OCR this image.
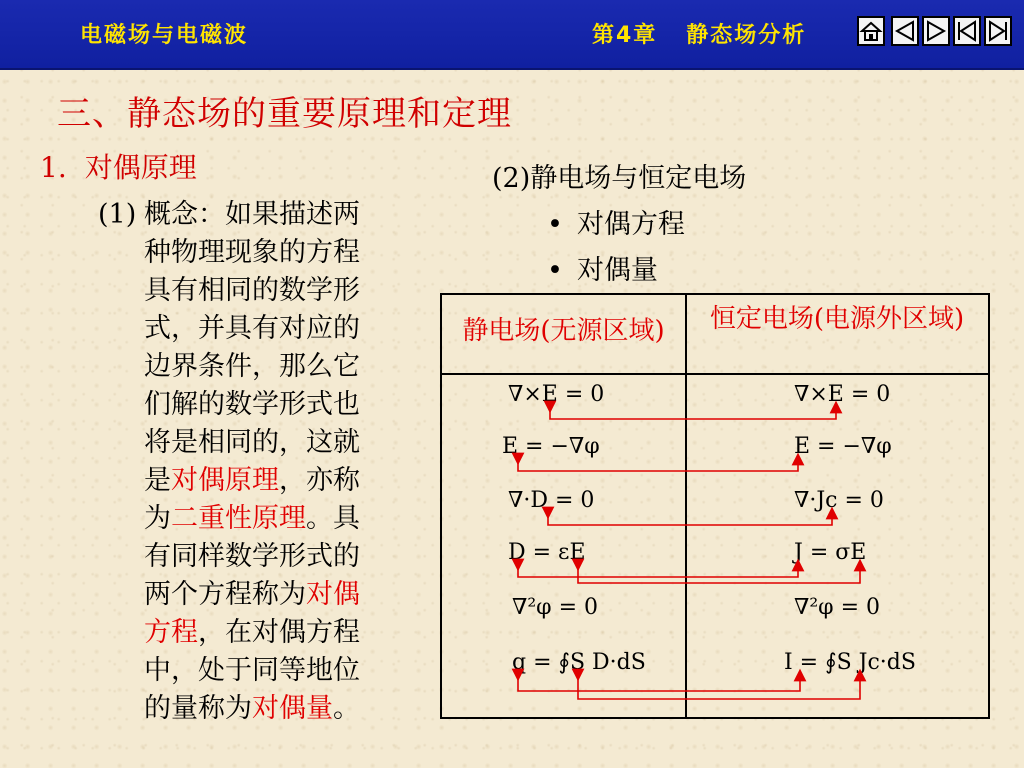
电磁场与电磁波	第4章   静态场分析
三、静态场的重要原理和定理
1. 对偶原理
(1) 概念：如果描述两
种物理现象的方程
具有相同的数学形
式，并具有对应的
边界条件，那么它
们解的数学形式也
将是相同的，这就
是对偶原理，亦称
为二重性原理。具
有同样数学形式的
两个方程称为对偶
方程，在对偶方程
中，处于同等地位
的量称为对偶量。
(2)静电场与恒定电场
• 对偶方程
• 对偶量
静电场(无源区域)	恒定电场(电源外区域)
∇×E = 0	∇×E = 0
E = −∇φ	E = −∇φ
∇·D = 0	∇·Jc = 0
D = εE	J = σE
∇²φ = 0	∇²φ = 0
q = ∮S D·dS	I = ∮S Jc·dS
